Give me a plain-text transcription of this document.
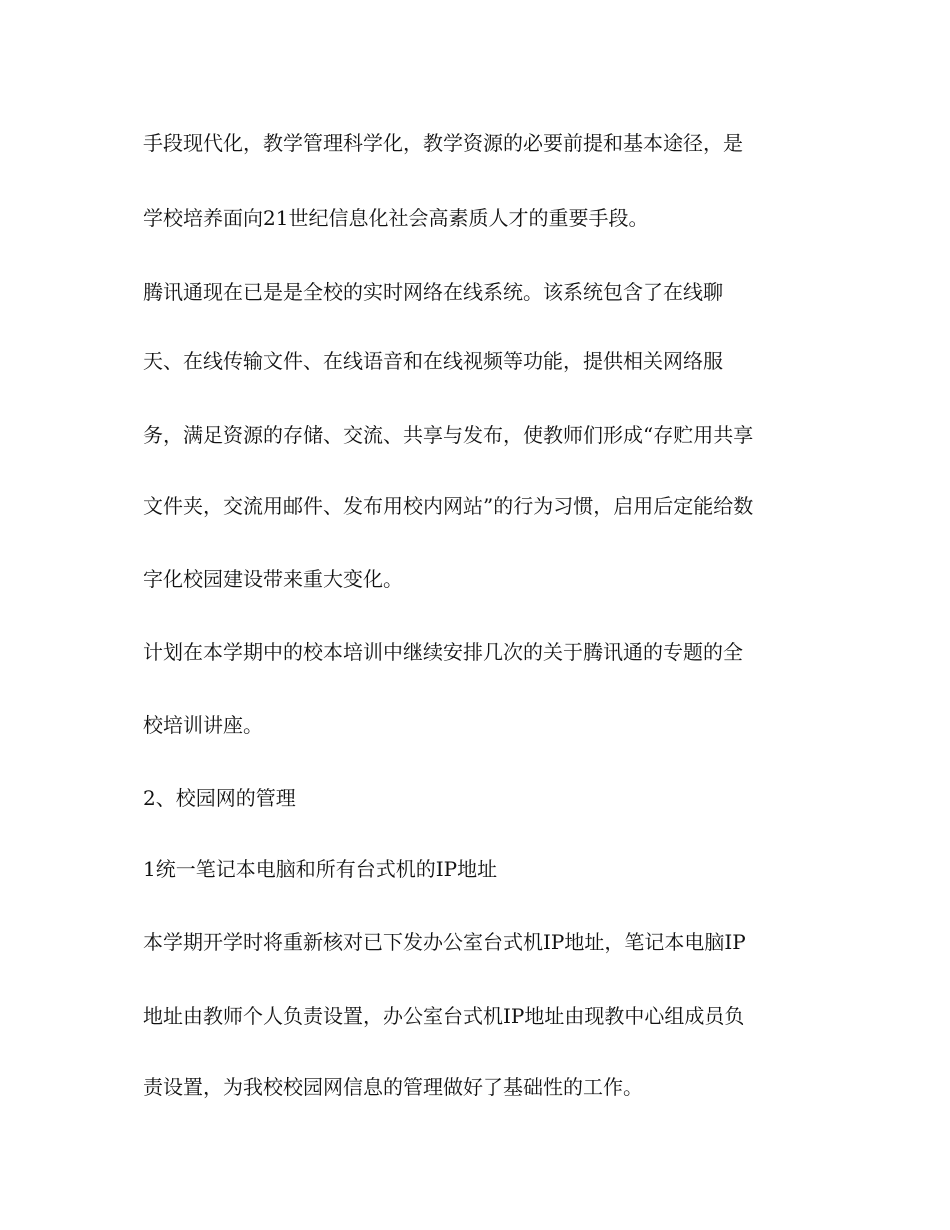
手段现代化，教学管理科学化，教学资源的必要前提和基本途径，是

学校培养面向21世纪信息化社会高素质人才的重要手段。

腾讯通现在已是是全校的实时网络在线系统。该系统包含了在线聊

天、在线传输文件、在线语音和在线视频等功能，提供相关网络服

务，满足资源的存储、交流、共享与发布，使教师们形成“存贮用共享

文件夹，交流用邮件、发布用校内网站”的行为习惯，启用后定能给数

字化校园建设带来重大变化。

计划在本学期中的校本培训中继续安排几次的关于腾讯通的专题的全

校培训讲座。

2、校园网的管理

1统一笔记本电脑和所有台式机的IP地址

本学期开学时将重新核对已下发办公室台式机IP地址，笔记本电脑IP

地址由教师个人负责设置，办公室台式机IP地址由现教中心组成员负

责设置，为我校校园网信息的管理做好了基础性的工作。
